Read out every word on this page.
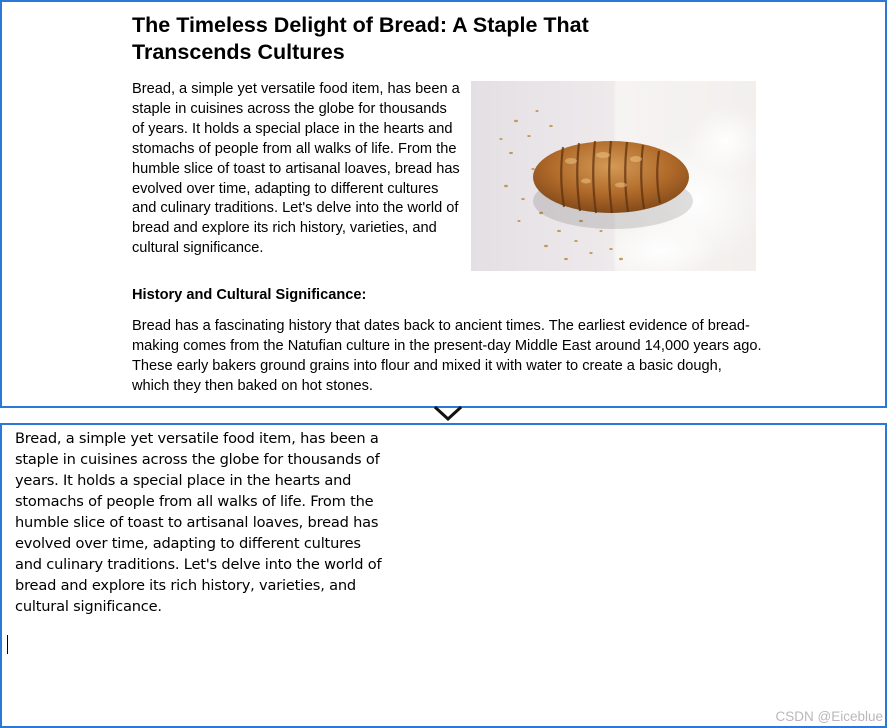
The Timeless Delight of Bread: A Staple That Transcends Cultures

Bread, a simple yet versatile food item, has been a staple in cuisines across the globe for thousands of years. It holds a special place in the hearts and stomachs of people from all walks of life. From the humble slice of toast to artisanal loaves, bread has evolved over time, adapting to different cultures and culinary traditions. Let's delve into the world of bread and explore its rich history, varieties, and cultural significance.

History and Cultural Significance:

Bread has a fascinating history that dates back to ancient times. The earliest evidence of bread-making comes from the Natufian culture in the present-day Middle East around 14,000 years ago. These early bakers ground grains into flour and mixed it with water to create a basic dough, which they then baked on hot stones.

Bread, a simple yet versatile food item, has been a staple in cuisines across the globe for thousands of years. It holds a special place in the hearts and stomachs of people from all walks of life. From the humble slice of toast to artisanal loaves, bread has evolved over time, adapting to different cultures and culinary traditions. Let's delve into the world of bread and explore its rich history, varieties, and cultural significance.

CSDN @Eiceblue
